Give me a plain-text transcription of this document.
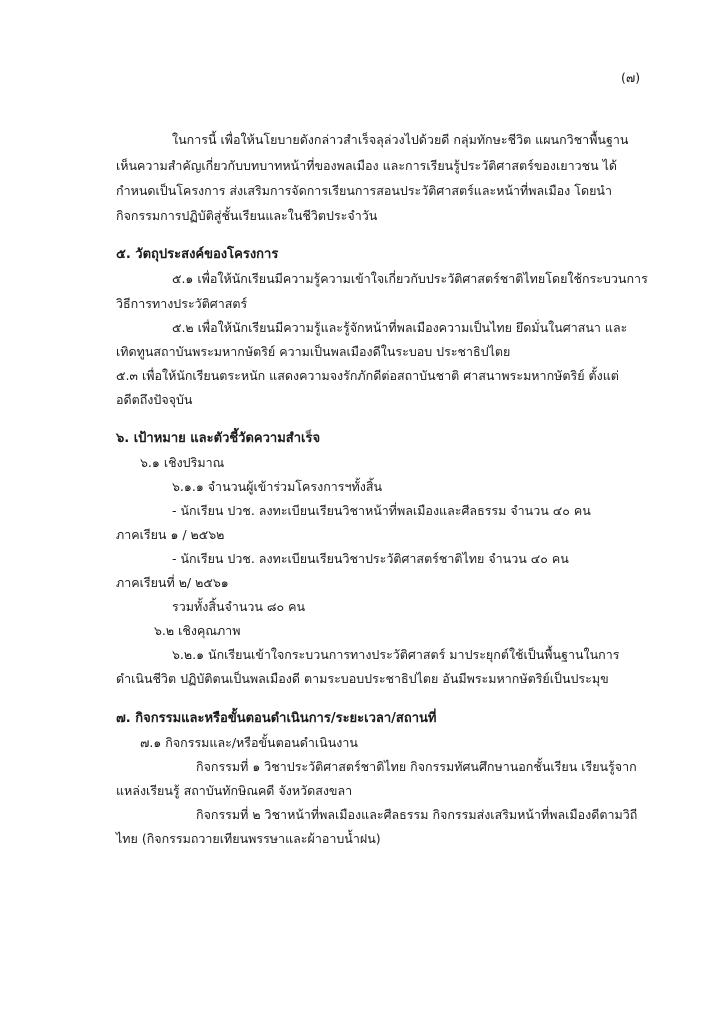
(๗)
ในการนี้ เพื่อให้นโยบายดังกล่าวสำเร็จลุล่วงไปด้วยดี กลุ่มทักษะชีวิต แผนกวิชาพื้นฐาน
เห็นความสำคัญเกี่ยวกับบทบาทหน้าที่ของพลเมือง และการเรียนรู้ประวัติศาสตร์ของเยาวชน ได้
กำหนดเป็นโครงการ ส่งเสริมการจัดการเรียนการสอนประวัติศาสตร์และหน้าที่พลเมือง โดยนำ
กิจกรรมการปฏิบัติสู่ชั้นเรียนและในชีวิตประจำวัน
๕. วัตถุประสงค์ของโครงการ
๕.๑ เพื่อให้นักเรียนมีความรู้ความเข้าใจเกี่ยวกับประวัติศาสตร์ชาติไทยโดยใช้กระบวนการ
วิธีการทางประวัติศาสตร์
๕.๒ เพื่อให้นักเรียนมีความรู้และรู้จักหน้าที่พลเมืองความเป็นไทย ยึดมั่นในศาสนา และ
เทิดทูนสถาบันพระมหากษัตริย์ ความเป็นพลเมืองดีในระบอบ ประชาธิปไตย
๕.๓ เพื่อให้นักเรียนตระหนัก แสดงความจงรักภักดีต่อสถาบันชาติ ศาสนาพระมหากษัตริย์ ตั้งแต่
อดีตถึงปัจจุบัน
๖. เป้าหมาย และตัวชี้วัดความสำเร็จ
๖.๑ เชิงปริมาณ
๖.๑.๑ จำนวนผู้เข้าร่วมโครงการฯทั้งสิ้น
- นักเรียน ปวช. ลงทะเบียนเรียนวิชาหน้าที่พลเมืองและศีลธรรม จำนวน ๔๐ คน
ภาคเรียน ๑ / ๒๕๖๒
- นักเรียน ปวช. ลงทะเบียนเรียนวิชาประวัติศาสตร์ชาติไทย จำนวน ๔๐ คน
ภาคเรียนที่ ๒/ ๒๕๖๑
รวมทั้งสิ้นจำนวน ๘๐ คน
๖.๒ เชิงคุณภาพ
๖.๒.๑ นักเรียนเข้าใจกระบวนการทางประวัติศาสตร์ มาประยุกต์ใช้เป็นพื้นฐานในการ
ดำเนินชีวิต ปฏิบัติตนเป็นพลเมืองดี ตามระบอบประชาธิปไตย อันมีพระมหากษัตริย์เป็นประมุข
๗. กิจกรรมและหรือขั้นตอนดำเนินการ/ระยะเวลา/สถานที่
๗.๑ กิจกรรมและ/หรือขั้นตอนดำเนินงาน
กิจกรรมที่ ๑ วิชาประวัติศาสตร์ชาติไทย กิจกรรมทัศนศึกษานอกชั้นเรียน เรียนรู้จาก
แหล่งเรียนรู้ สถาบันทักษิณคดี จังหวัดสงขลา
กิจกรรมที่ ๒ วิชาหน้าที่พลเมืองและศีลธรรม กิจกรรมส่งเสริมหน้าที่พลเมืองดีตามวิถี
ไทย (กิจกรรมถวายเทียนพรรษาและผ้าอาบน้ำฝน)
